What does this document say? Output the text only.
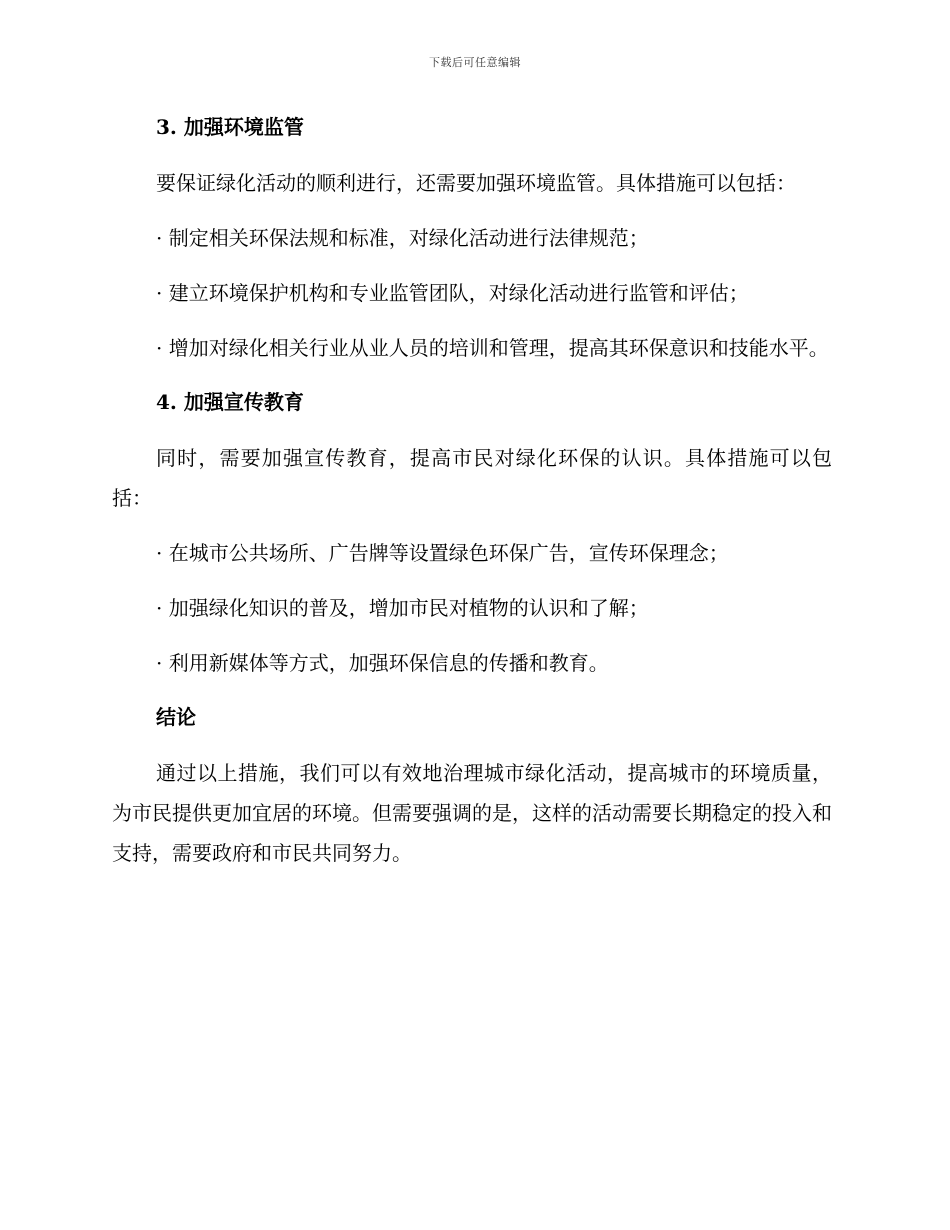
下载后可任意编辑
3. 加强环境监管

要保证绿化活动的顺利进行，还需要加强环境监管。具体措施可以包括：

· 制定相关环保法规和标准，对绿化活动进行法律规范；

· 建立环境保护机构和专业监管团队，对绿化活动进行监管和评估；

· 增加对绿化相关行业从业人员的培训和管理，提高其环保意识和技能水平。

4. 加强宣传教育

同时，需要加强宣传教育，提高市民对绿化环保的认识。具体措施可以包括：

· 在城市公共场所、广告牌等设置绿色环保广告，宣传环保理念；

· 加强绿化知识的普及，增加市民对植物的认识和了解；

· 利用新媒体等方式，加强环保信息的传播和教育。

结论

通过以上措施，我们可以有效地治理城市绿化活动，提高城市的环境质量，为市民提供更加宜居的环境。但需要强调的是，这样的活动需要长期稳定的投入和支持，需要政府和市民共同努力。
